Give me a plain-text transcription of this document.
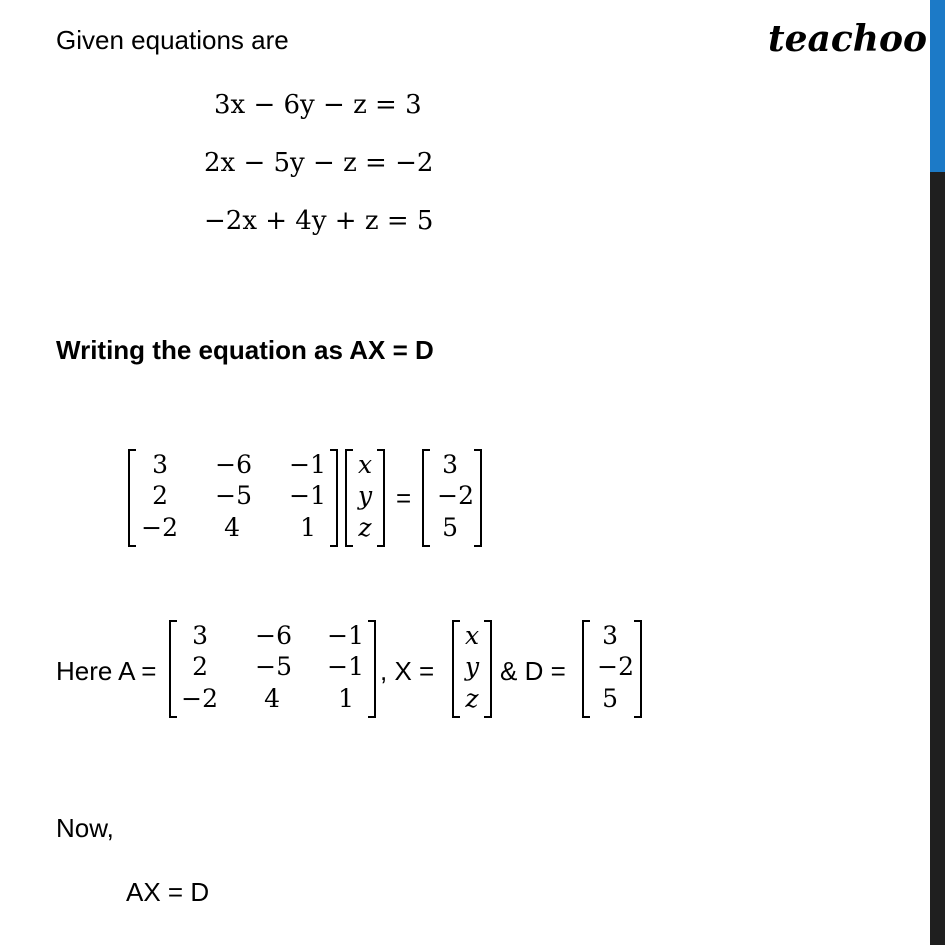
teachoo
Given equations are
3x − 6y − z = 3
2x − 5y − z = −2
−2x + 4y + z = 5
Writing the equation as AX = D
3 −6 −1
2 −5 −1
−2 4 1
x
y
z
=
3
−2
5
Here A =
3 −6 −1
2 −5 −1
−2 4 1
, X =
x
y
z
& D =
3
−2
5
Now,
AX = D
